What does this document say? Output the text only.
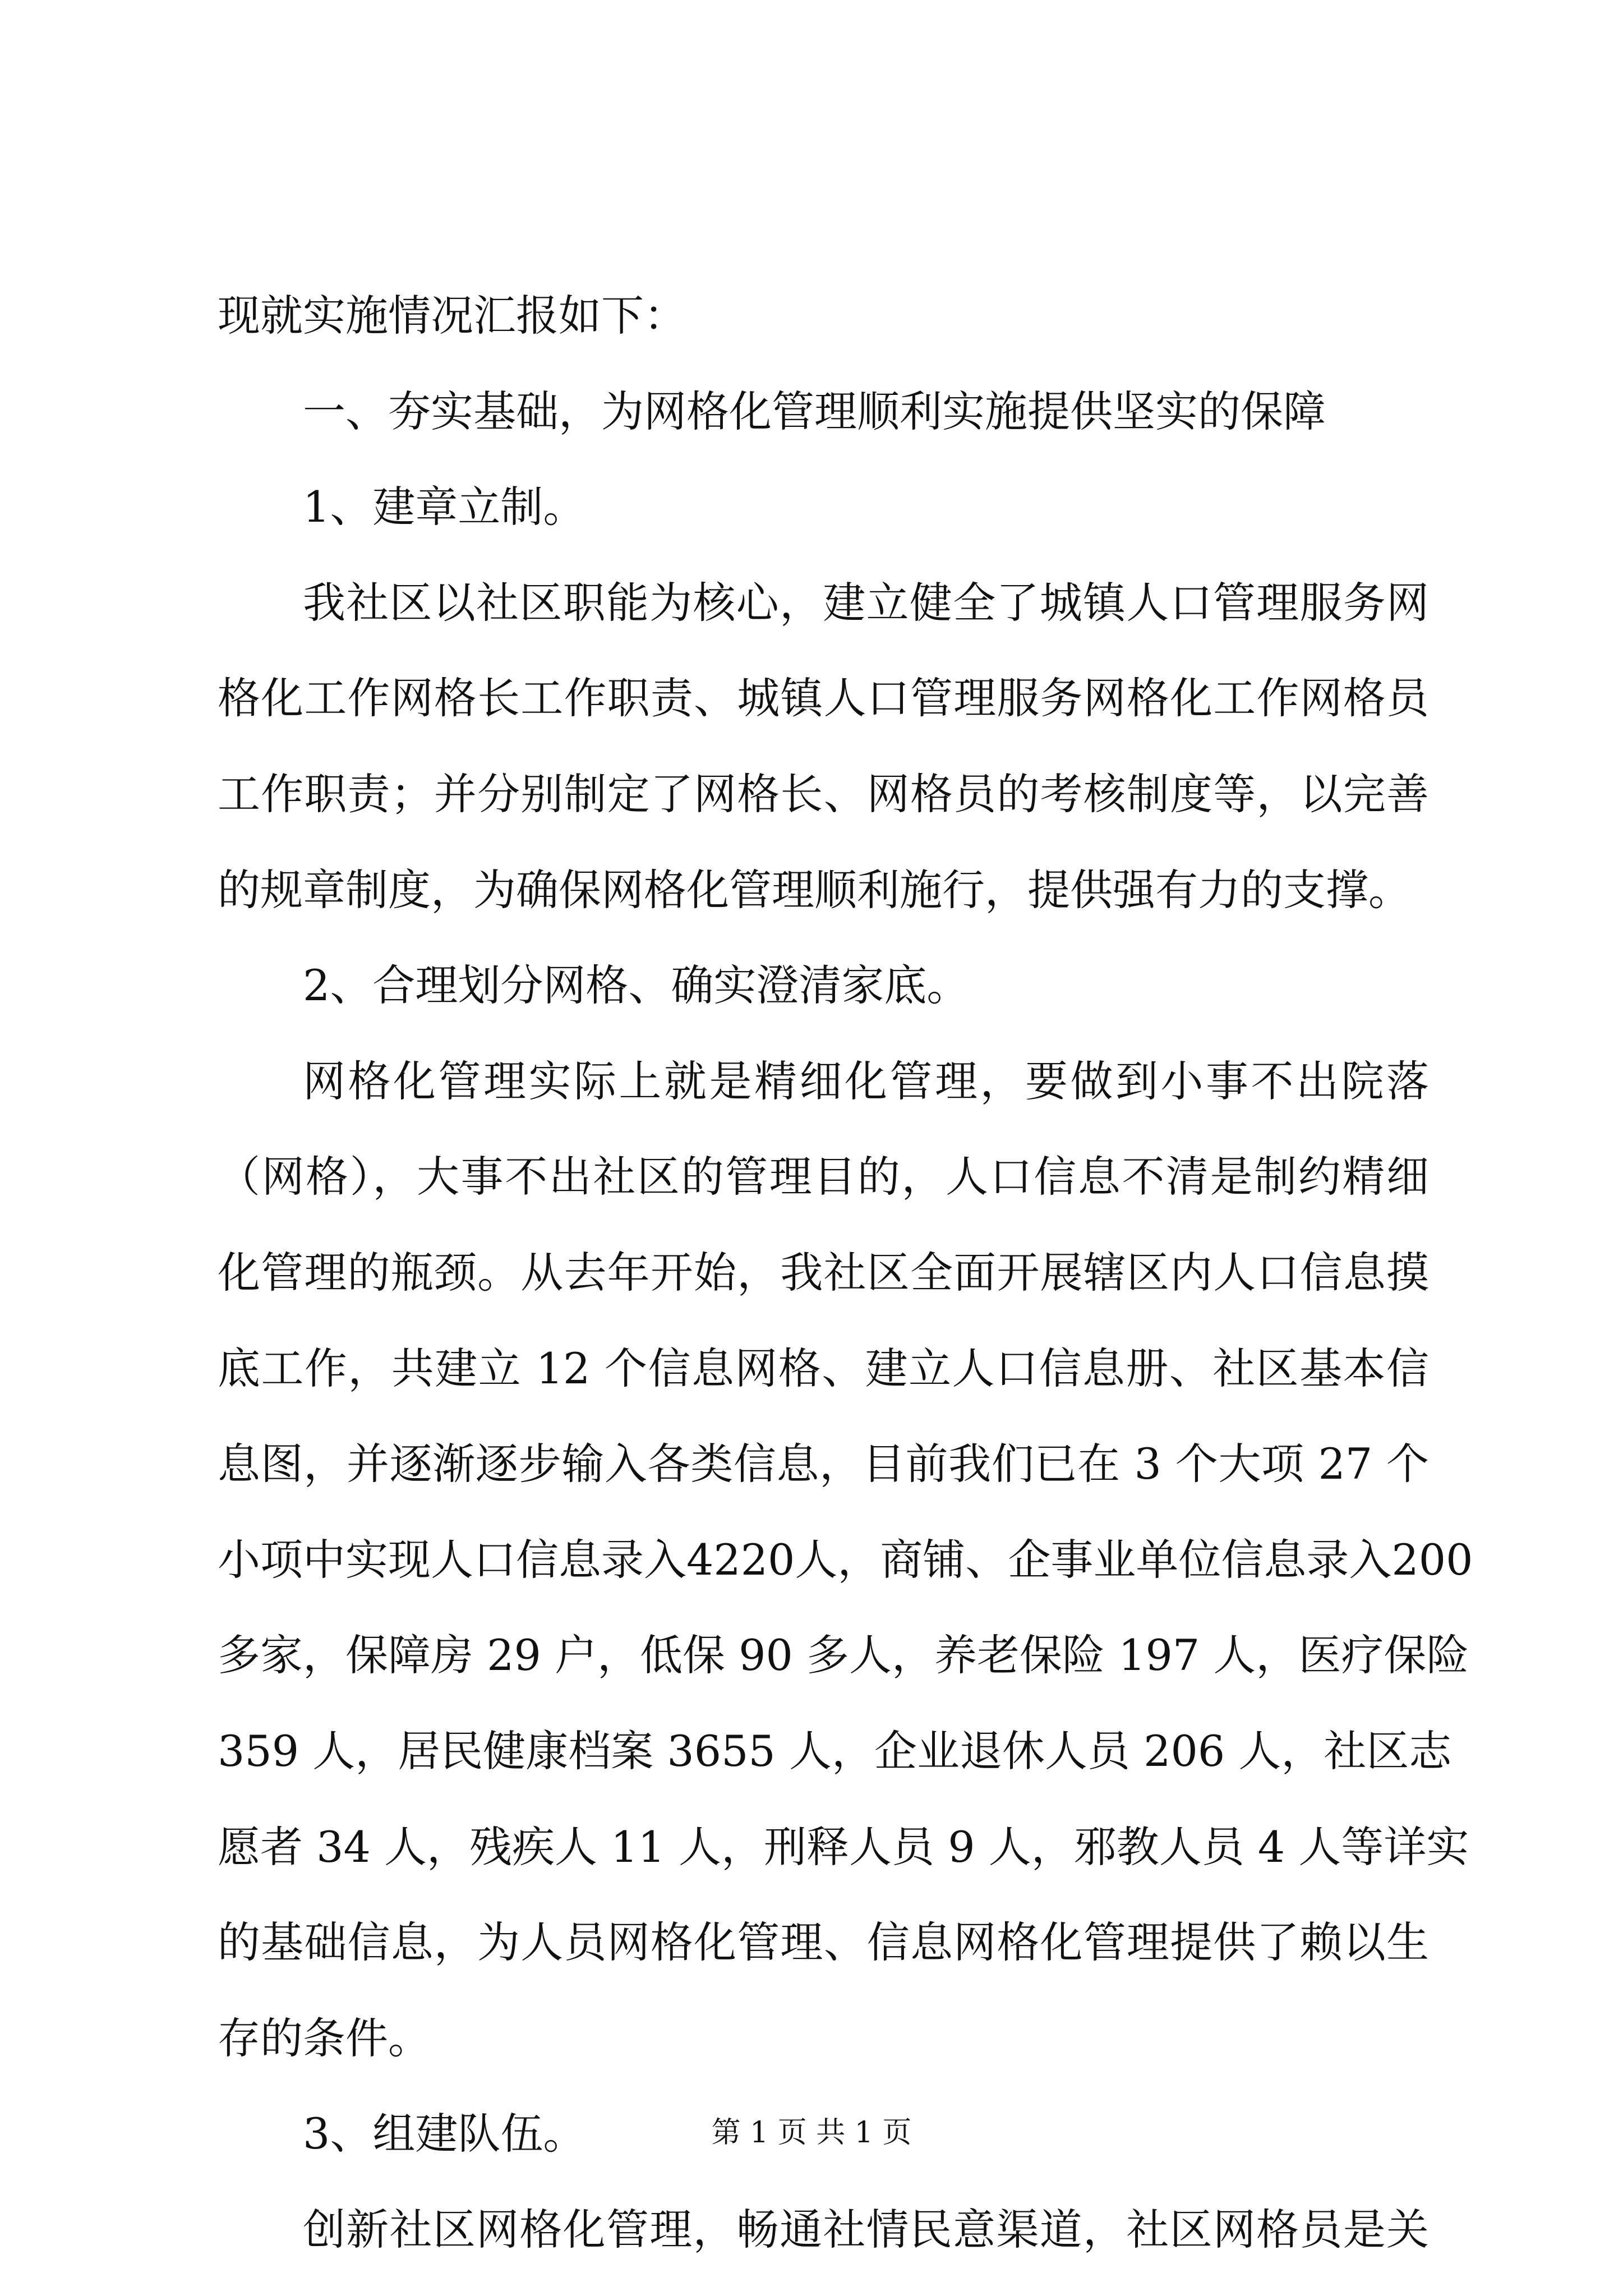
现就实施情况汇报如下：
一、夯实基础，为网格化管理顺利实施提供坚实的保障
1、建章立制。
我社区以社区职能为核心，建立健全了城镇人口管理服务网
格化工作网格长工作职责、城镇人口管理服务网格化工作网格员
工作职责；并分别制定了网格长、网格员的考核制度等，以完善
的规章制度，为确保网格化管理顺利施行，提供强有力的支撑。
2、合理划分网格、确实澄清家底。
网格化管理实际上就是精细化管理，要做到小事不出院落
（网格），大事不出社区的管理目的，人口信息不清是制约精细
化管理的瓶颈。从去年开始，我社区全面开展辖区内人口信息摸
底工作，共建立 12 个信息网格、建立人口信息册、社区基本信
息图，并逐渐逐步输入各类信息，目前我们已在 3 个大项 27 个
小项中实现人口信息录入4220人，商铺、企事业单位信息录入200
多家，保障房 29 户，低保 90 多人，养老保险 197 人，医疗保险
359 人，居民健康档案 3655 人，企业退休人员 206 人，社区志
愿者 34 人，残疾人 11 人，刑释人员 9 人，邪教人员 4 人等详实
的基础信息，为人员网格化管理、信息网格化管理提供了赖以生
存的条件。
3、组建队伍。
创新社区网格化管理，畅通社情民意渠道，社区网格员是关
第 1 页 共 1 页
